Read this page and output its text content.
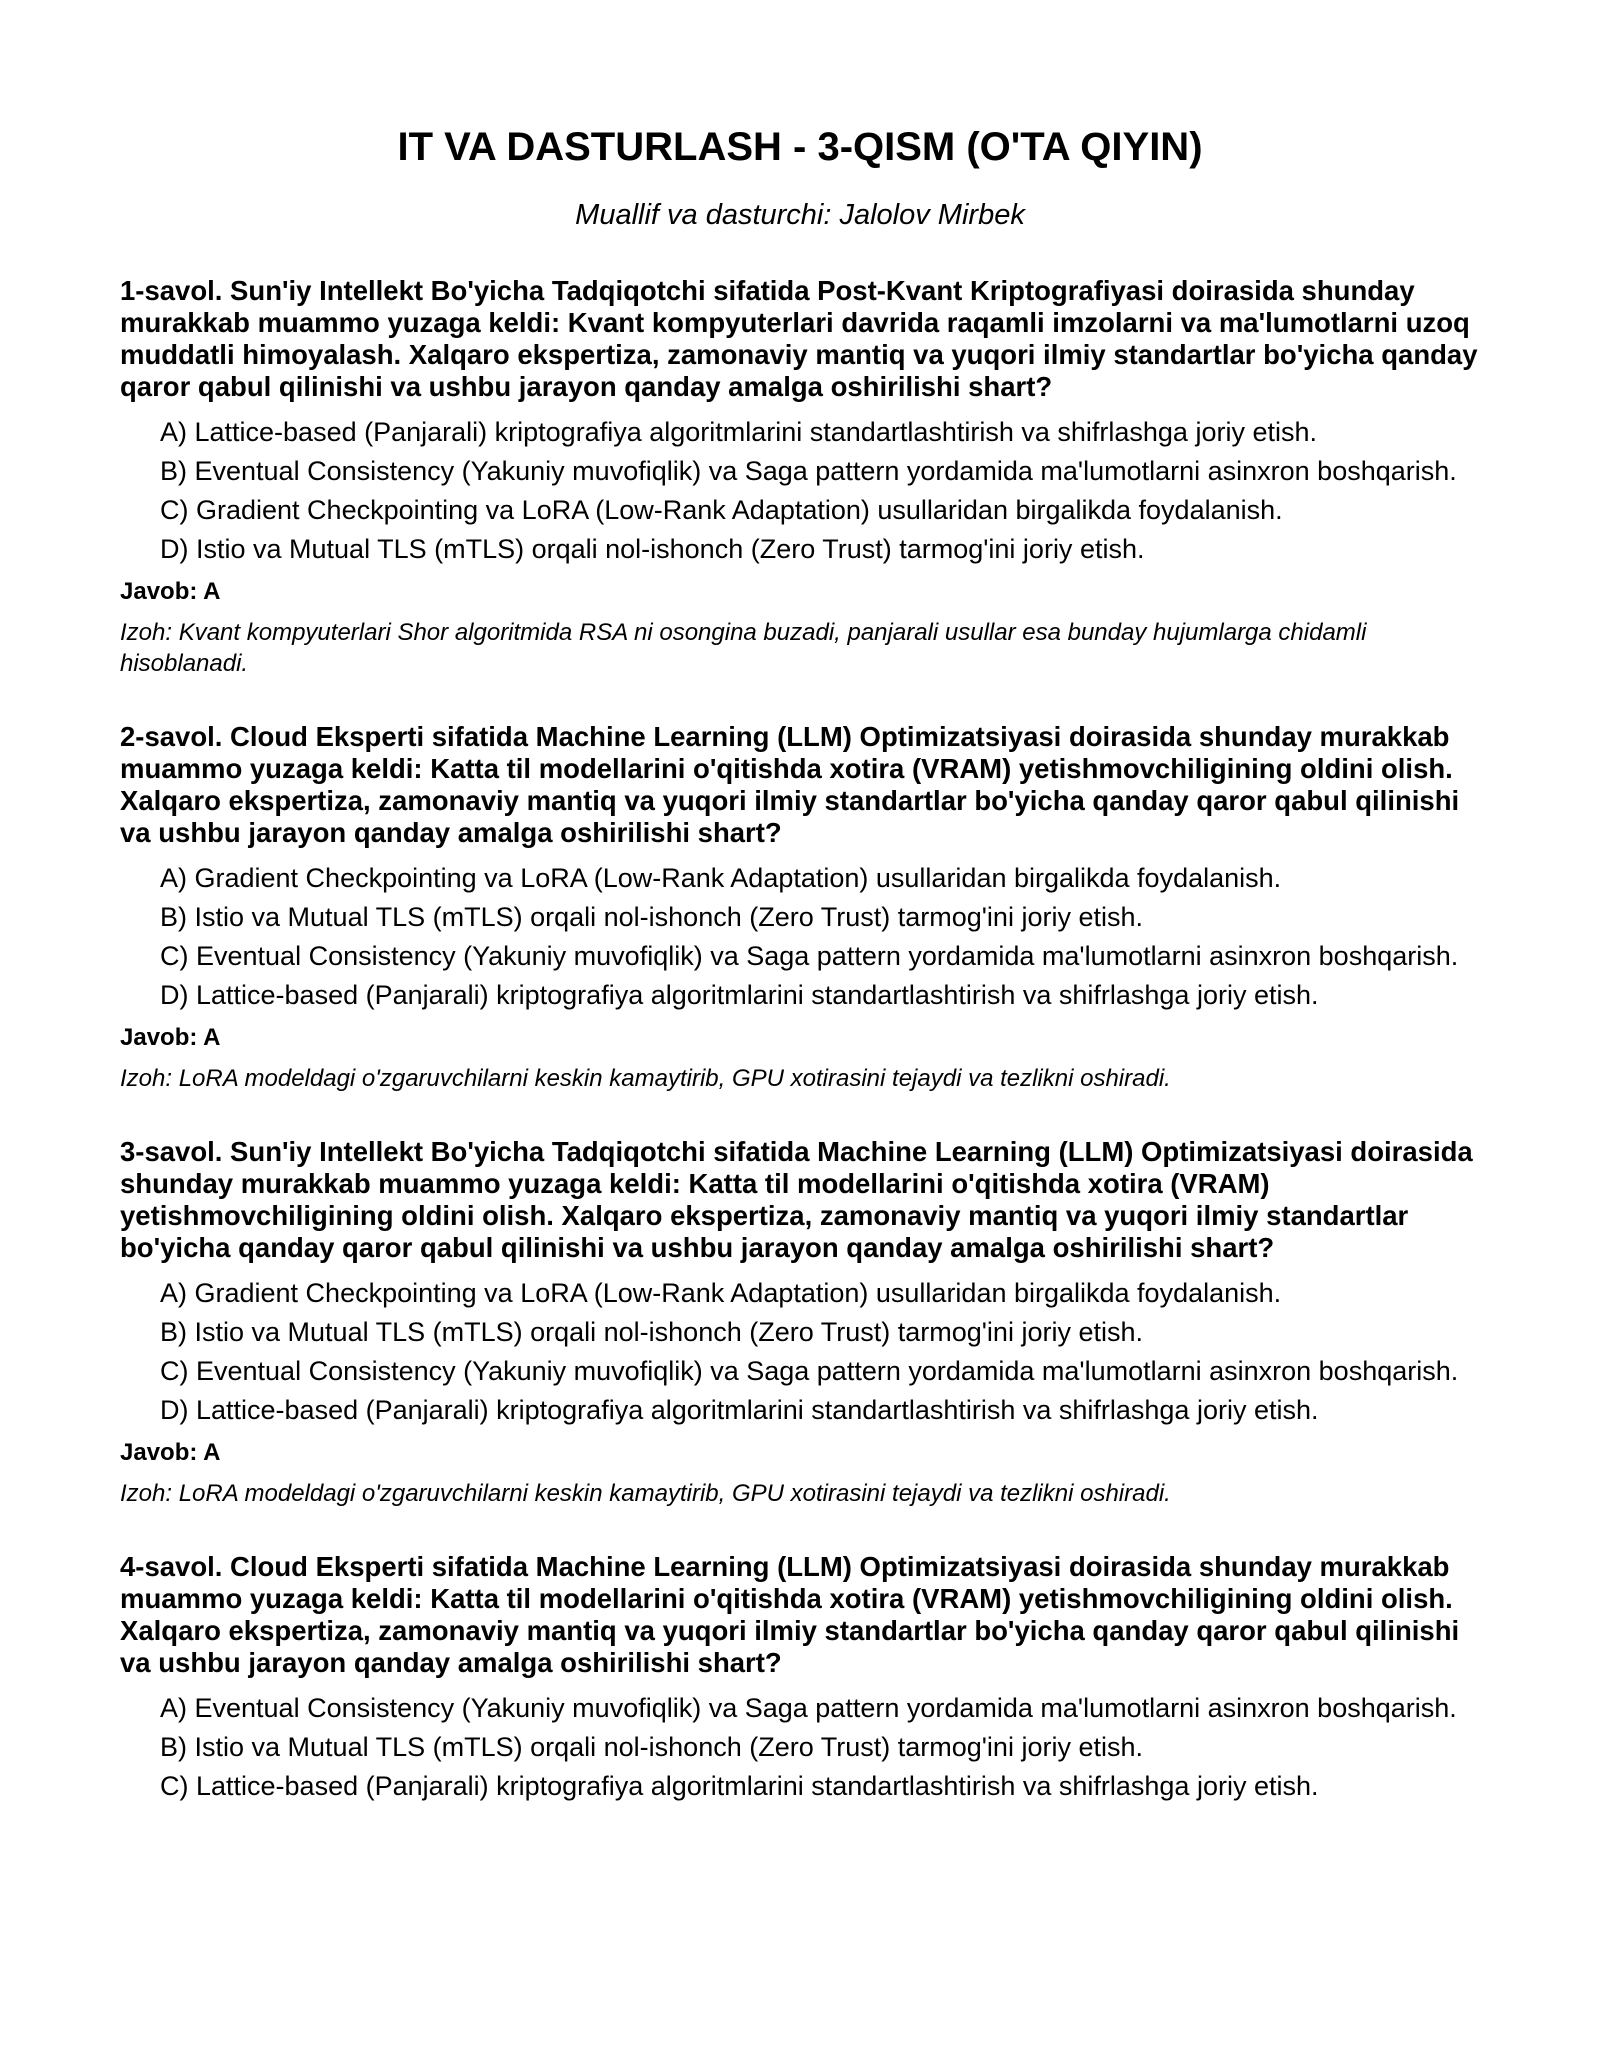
IT VA DASTURLASH - 3-QISM (O'TA QIYIN)

Muallif va dasturchi: Jalolov Mirbek

1-savol. Sun'iy Intellekt Bo'yicha Tadqiqotchi sifatida Post-Kvant Kriptografiyasi doirasida shunday murakkab muammo yuzaga keldi: Kvant kompyuterlari davrida raqamli imzolarni va ma'lumotlarni uzoq muddatli himoyalash. Xalqaro ekspertiza, zamonaviy mantiq va yuqori ilmiy standartlar bo'yicha qanday qaror qabul qilinishi va ushbu jarayon qanday amalga oshirilishi shart?

A) Lattice-based (Panjarali) kriptografiya algoritmlarini standartlashtirish va shifrlashga joriy etish.
B) Eventual Consistency (Yakuniy muvofiqlik) va Saga pattern yordamida ma'lumotlarni asinxron boshqarish.
C) Gradient Checkpointing va LoRA (Low-Rank Adaptation) usullaridan birgalikda foydalanish.
D) Istio va Mutual TLS (mTLS) orqali nol-ishonch (Zero Trust) tarmog'ini joriy etish.

Javob: A

Izoh: Kvant kompyuterlari Shor algoritmida RSA ni osongina buzadi, panjarali usullar esa bunday hujumlarga chidamli hisoblanadi.

2-savol. Cloud Eksperti sifatida Machine Learning (LLM) Optimizatsiyasi doirasida shunday murakkab muammo yuzaga keldi: Katta til modellarini o'qitishda xotira (VRAM) yetishmovchiligining oldini olish. Xalqaro ekspertiza, zamonaviy mantiq va yuqori ilmiy standartlar bo'yicha qanday qaror qabul qilinishi va ushbu jarayon qanday amalga oshirilishi shart?

A) Gradient Checkpointing va LoRA (Low-Rank Adaptation) usullaridan birgalikda foydalanish.
B) Istio va Mutual TLS (mTLS) orqali nol-ishonch (Zero Trust) tarmog'ini joriy etish.
C) Eventual Consistency (Yakuniy muvofiqlik) va Saga pattern yordamida ma'lumotlarni asinxron boshqarish.
D) Lattice-based (Panjarali) kriptografiya algoritmlarini standartlashtirish va shifrlashga joriy etish.

Javob: A

Izoh: LoRA modeldagi o'zgaruvchilarni keskin kamaytirib, GPU xotirasini tejaydi va tezlikni oshiradi.

3-savol. Sun'iy Intellekt Bo'yicha Tadqiqotchi sifatida Machine Learning (LLM) Optimizatsiyasi doirasida shunday murakkab muammo yuzaga keldi: Katta til modellarini o'qitishda xotira (VRAM) yetishmovchiligining oldini olish. Xalqaro ekspertiza, zamonaviy mantiq va yuqori ilmiy standartlar bo'yicha qanday qaror qabul qilinishi va ushbu jarayon qanday amalga oshirilishi shart?

A) Gradient Checkpointing va LoRA (Low-Rank Adaptation) usullaridan birgalikda foydalanish.
B) Istio va Mutual TLS (mTLS) orqali nol-ishonch (Zero Trust) tarmog'ini joriy etish.
C) Eventual Consistency (Yakuniy muvofiqlik) va Saga pattern yordamida ma'lumotlarni asinxron boshqarish.
D) Lattice-based (Panjarali) kriptografiya algoritmlarini standartlashtirish va shifrlashga joriy etish.

Javob: A

Izoh: LoRA modeldagi o'zgaruvchilarni keskin kamaytirib, GPU xotirasini tejaydi va tezlikni oshiradi.

4-savol. Cloud Eksperti sifatida Machine Learning (LLM) Optimizatsiyasi doirasida shunday murakkab muammo yuzaga keldi: Katta til modellarini o'qitishda xotira (VRAM) yetishmovchiligining oldini olish. Xalqaro ekspertiza, zamonaviy mantiq va yuqori ilmiy standartlar bo'yicha qanday qaror qabul qilinishi va ushbu jarayon qanday amalga oshirilishi shart?

A) Eventual Consistency (Yakuniy muvofiqlik) va Saga pattern yordamida ma'lumotlarni asinxron boshqarish.
B) Istio va Mutual TLS (mTLS) orqali nol-ishonch (Zero Trust) tarmog'ini joriy etish.
C) Lattice-based (Panjarali) kriptografiya algoritmlarini standartlashtirish va shifrlashga joriy etish.
